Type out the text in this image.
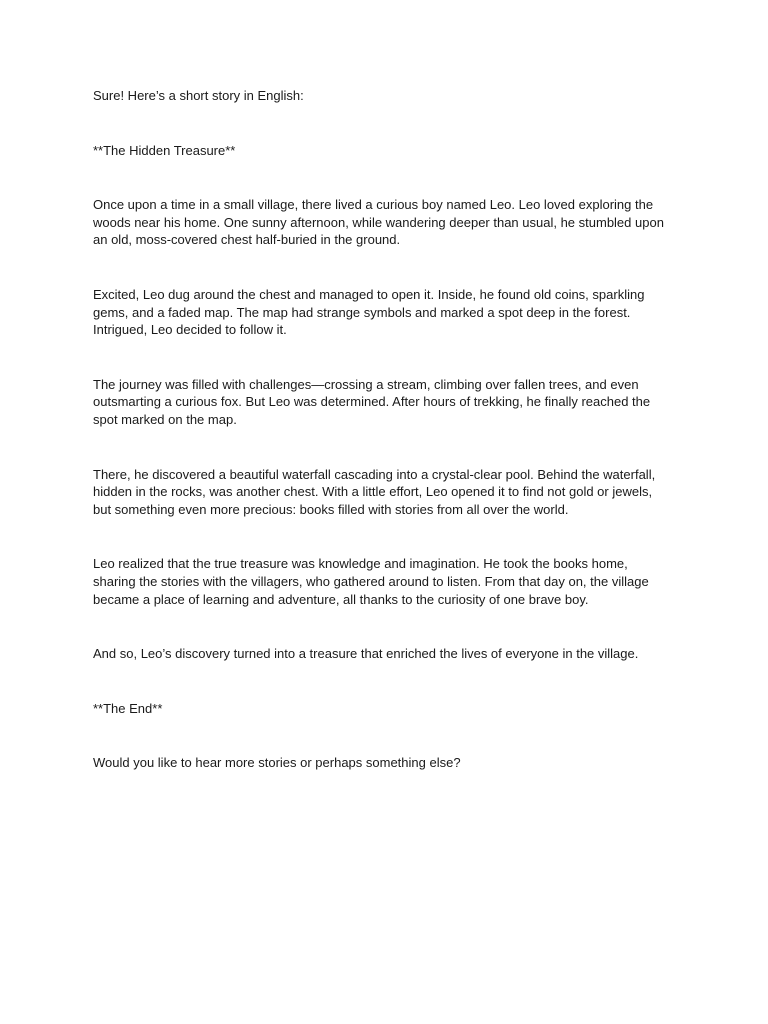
Sure! Here’s a short story in English:

**The Hidden Treasure**

Once upon a time in a small village, there lived a curious boy named Leo. Leo loved exploring the woods near his home. One sunny afternoon, while wandering deeper than usual, he stumbled upon an old, moss-covered chest half-buried in the ground.

Excited, Leo dug around the chest and managed to open it. Inside, he found old coins, sparkling gems, and a faded map. The map had strange symbols and marked a spot deep in the forest. Intrigued, Leo decided to follow it.

The journey was filled with challenges—crossing a stream, climbing over fallen trees, and even outsmarting a curious fox. But Leo was determined. After hours of trekking, he finally reached the spot marked on the map.

There, he discovered a beautiful waterfall cascading into a crystal-clear pool. Behind the waterfall, hidden in the rocks, was another chest. With a little effort, Leo opened it to find not gold or jewels, but something even more precious: books filled with stories from all over the world.

Leo realized that the true treasure was knowledge and imagination. He took the books home, sharing the stories with the villagers, who gathered around to listen. From that day on, the village became a place of learning and adventure, all thanks to the curiosity of one brave boy.

And so, Leo’s discovery turned into a treasure that enriched the lives of everyone in the village.

**The End**

Would you like to hear more stories or perhaps something else?
